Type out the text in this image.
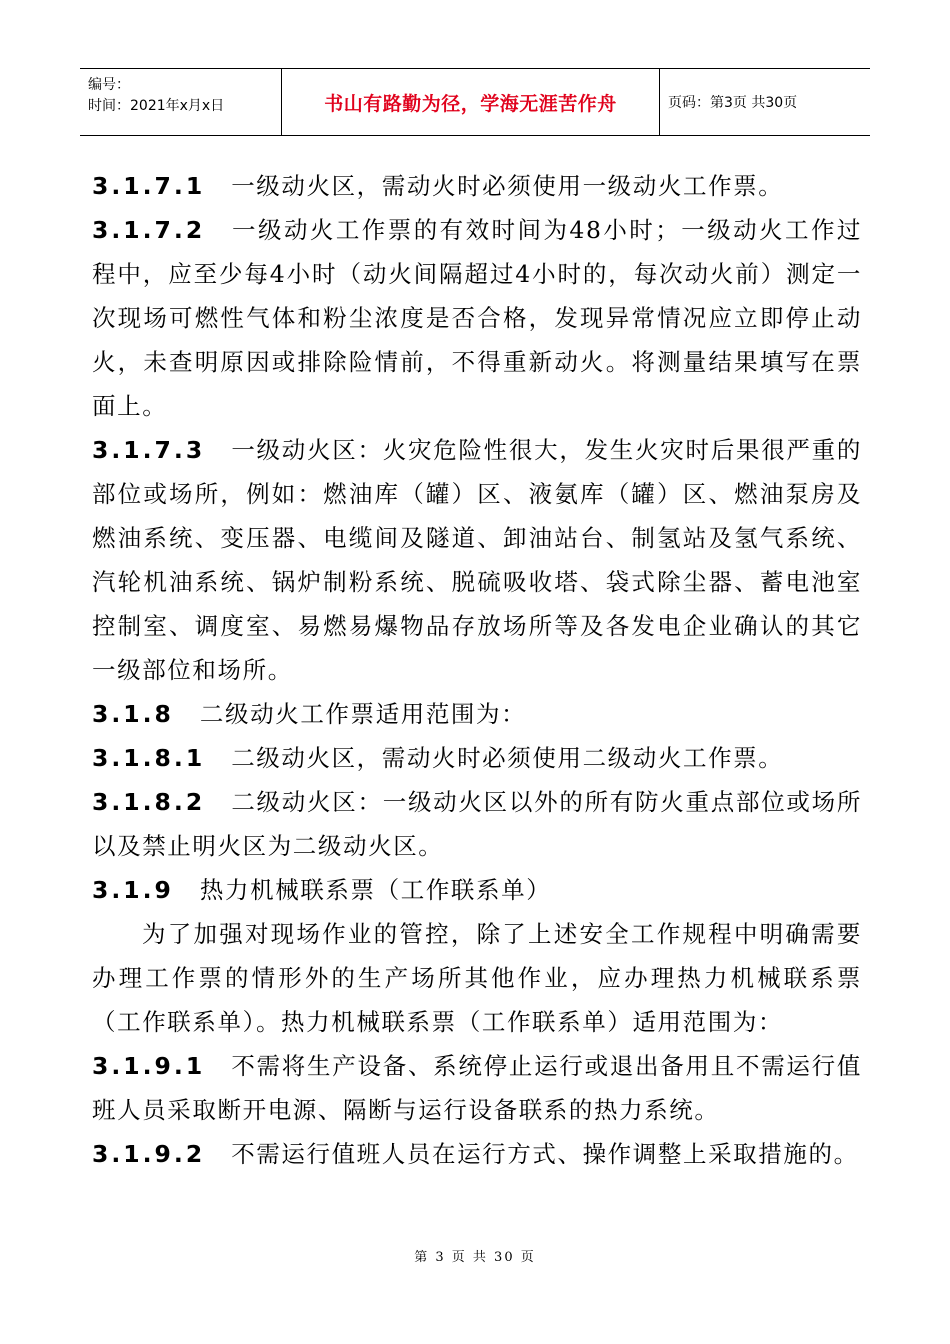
编号：
时间：2021年x月x日	书山有路勤为径，学海无涯苦作舟	页码：第3页 共30页

3.1.7.1 一级动火区，需动火时必须使用一级动火工作票。

3.1.7.2 一级动火工作票的有效时间为48小时；一级动火工作过程中，应至少每4小时（动火间隔超过4小时的，每次动火前）测定一次现场可燃性气体和粉尘浓度是否合格，发现异常情况应立即停止动火，未查明原因或排除险情前，不得重新动火。将测量结果填写在票面上。

3.1.7.3 一级动火区：火灾危险性很大，发生火灾时后果很严重的部位或场所，例如：燃油库（罐）区、液氨库（罐）区、燃油泵房及燃油系统、变压器、电缆间及隧道、卸油站台、制氢站及氢气系统、汽轮机油系统、锅炉制粉系统、脱硫吸收塔、袋式除尘器、蓄电池室控制室、调度室、易燃易爆物品存放场所等及各发电企业确认的其它一级部位和场所。

3.1.8 二级动火工作票适用范围为：

3.1.8.1 二级动火区，需动火时必须使用二级动火工作票。

3.1.8.2 二级动火区：一级动火区以外的所有防火重点部位或场所以及禁止明火区为二级动火区。

3.1.9 热力机械联系票（工作联系单）

为了加强对现场作业的管控，除了上述安全工作规程中明确需要办理工作票的情形外的生产场所其他作业，应办理热力机械联系票（工作联系单）。热力机械联系票（工作联系单）适用范围为：

3.1.9.1 不需将生产设备、系统停止运行或退出备用且不需运行值班人员采取断开电源、隔断与运行设备联系的热力系统。

3.1.9.2 不需运行值班人员在运行方式、操作调整上采取措施的。

第 3 页 共 30 页
